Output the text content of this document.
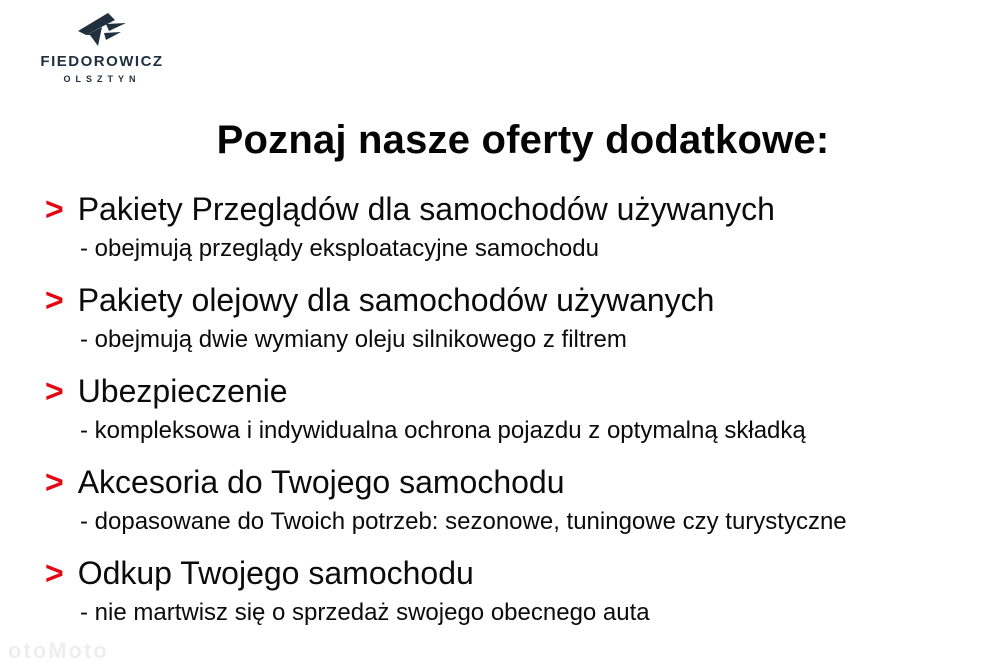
FIEDOROWICZ
OLSZTYN
Poznaj nasze oferty dodatkowe:
> Pakiety Przeglądów dla samochodów używanych
- obejmują przeglądy eksploatacyjne samochodu
> Pakiety olejowy dla samochodów używanych
- obejmują dwie wymiany oleju silnikowego z filtrem
> Ubezpieczenie
- kompleksowa i indywidualna ochrona pojazdu z optymalną składką
> Akcesoria do Twojego samochodu
- dopasowane do Twoich potrzeb: sezonowe, tuningowe czy turystyczne
> Odkup Twojego samochodu
- nie martwisz się o sprzedaż swojego obecnego auta
otoMoto
